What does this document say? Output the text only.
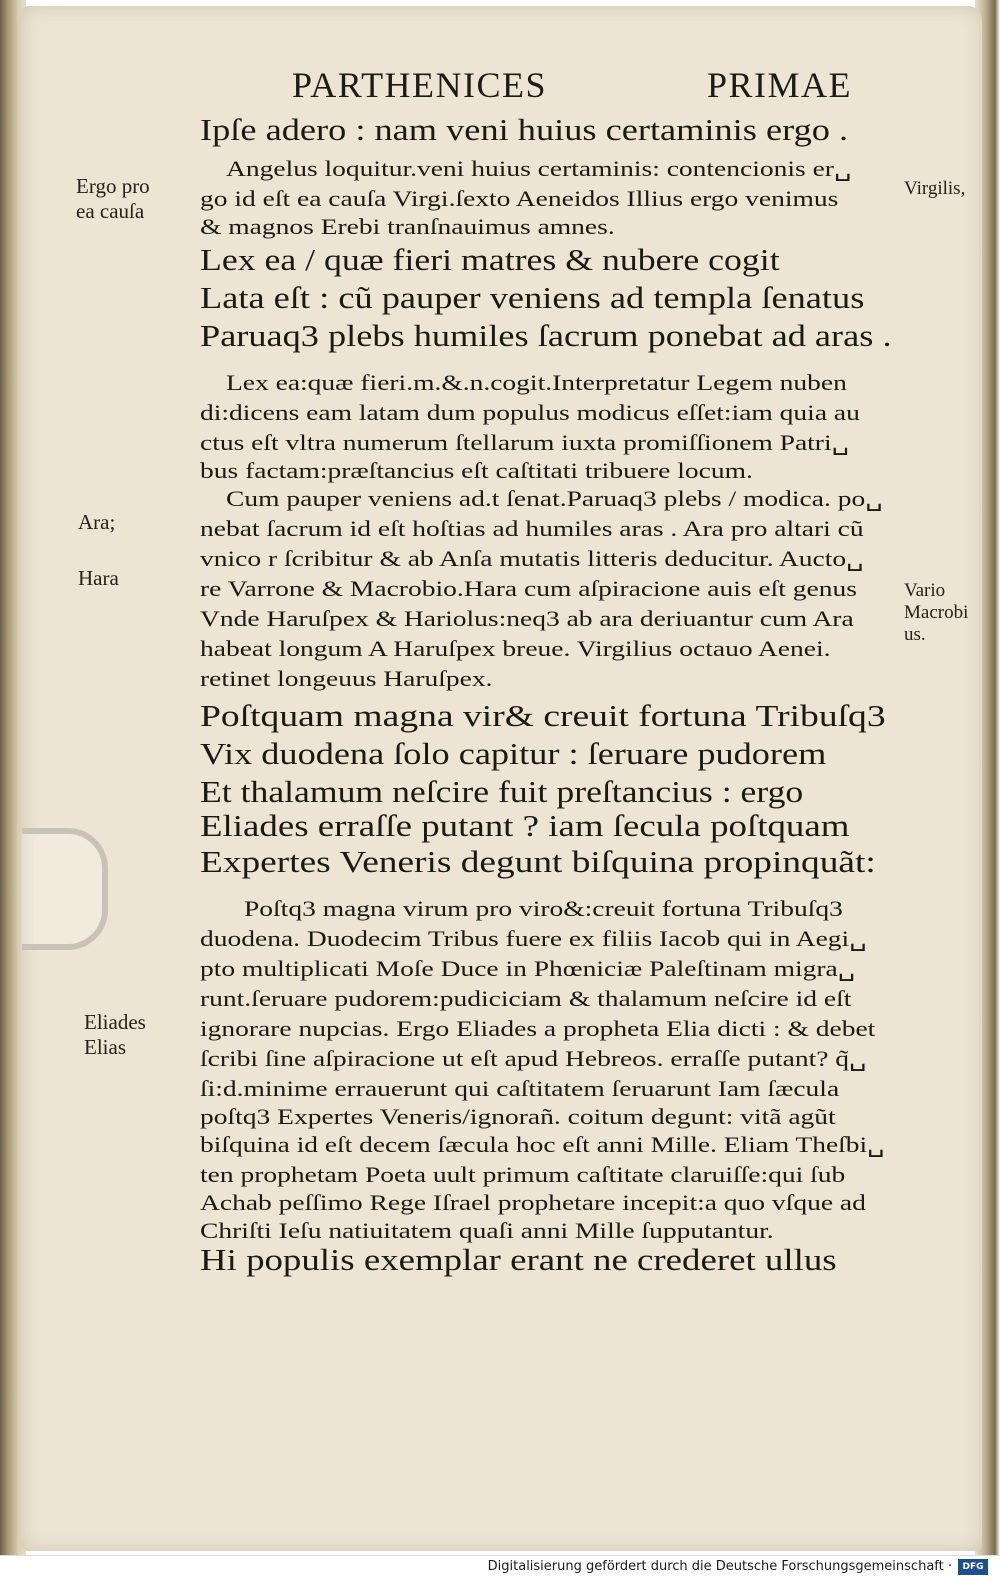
PARTHENICES	PRIMAE

Ipſe adero : nam veni huius certaminis ergo .

Angelus loquitur.veni huius certaminis: contencionis er␣

go id eſt ea cauſa Virgi.ſexto Aeneidos Illius ergo venimus

& magnos Erebi tranſnauimus amnes.

Lex ea / quæ fieri matres & nubere cogit

Lata eſt : cũ pauper veniens ad templa ſenatus

Paruaq3 plebs humiles ſacrum ponebat ad aras .

Lex ea:quæ fieri.m.&.n.cogit.Interpretatur Legem nuben

di:dicens eam latam dum populus modicus eſſet:iam quia au

ctus eſt vltra numerum ſtellarum iuxta promiſſionem Patri␣

bus factam:præſtancius eſt caſtitati tribuere locum.

Cum pauper veniens ad.t ſenat.Paruaq3 plebs / modica. po␣

nebat ſacrum id eſt hoſtias ad humiles aras . Ara pro altari cũ

vnico r ſcribitur & ab Anſa mutatis litteris deducitur. Aucto␣

re Varrone & Macrobio.Hara cum aſpiracione auis eſt genus

Vnde Haruſpex & Hariolus:neq3 ab ara deriuantur cum Ara

habeat longum A Haruſpex breue. Virgilius octauo Aenei.

retinet longeuus Haruſpex.

Poſtquam magna vir& creuit fortuna Tribuſq3

Vix duodena ſolo capitur : ſeruare pudorem

Et thalamum neſcire fuit preſtancius : ergo

Eliades erraſſe putant ? iam ſecula poſtquam

Expertes Veneris degunt biſquina propinquãt:

Poſtq3 magna virum pro viro&:creuit fortuna Tribuſq3

duodena. Duodecim Tribus fuere ex filiis Iacob qui in Aegi␣

pto multiplicati Moſe Duce in Phœniciæ Paleſtinam migra␣

runt.ſeruare pudorem:pudiciciam & thalamum neſcire id eſt

ignorare nupcias. Ergo Eliades a propheta Elia dicti : & debet

ſcribi ſine aſpiracione ut eſt apud Hebreos. erraſſe putant? q̃␣

ſi:d.minime errauerunt qui caſtitatem ſeruarunt Iam ſæcula

poſtq3 Expertes Veneris/ignorañ. coitum degunt: vitã agũt

biſquina id eſt decem ſæcula hoc eſt anni Mille. Eliam Theſbi␣

ten prophetam Poeta uult primum caſtitate claruiſſe:qui ſub

Achab peſſimo Rege Iſrael prophetare incepit:a quo vſque ad

Chriſti Ieſu natiuitatem quaſi anni Mille ſupputantur.

Hi populis exemplar erant ne crederet ullus

Ergo pro
ea cauſa
Ara;
Hara
Eliades
Elias
Virgilis,
Vario
Macrobi
us.
Digitalisierung gefördert durch die Deutsche Forschungsgemeinschaft ·	DFG
